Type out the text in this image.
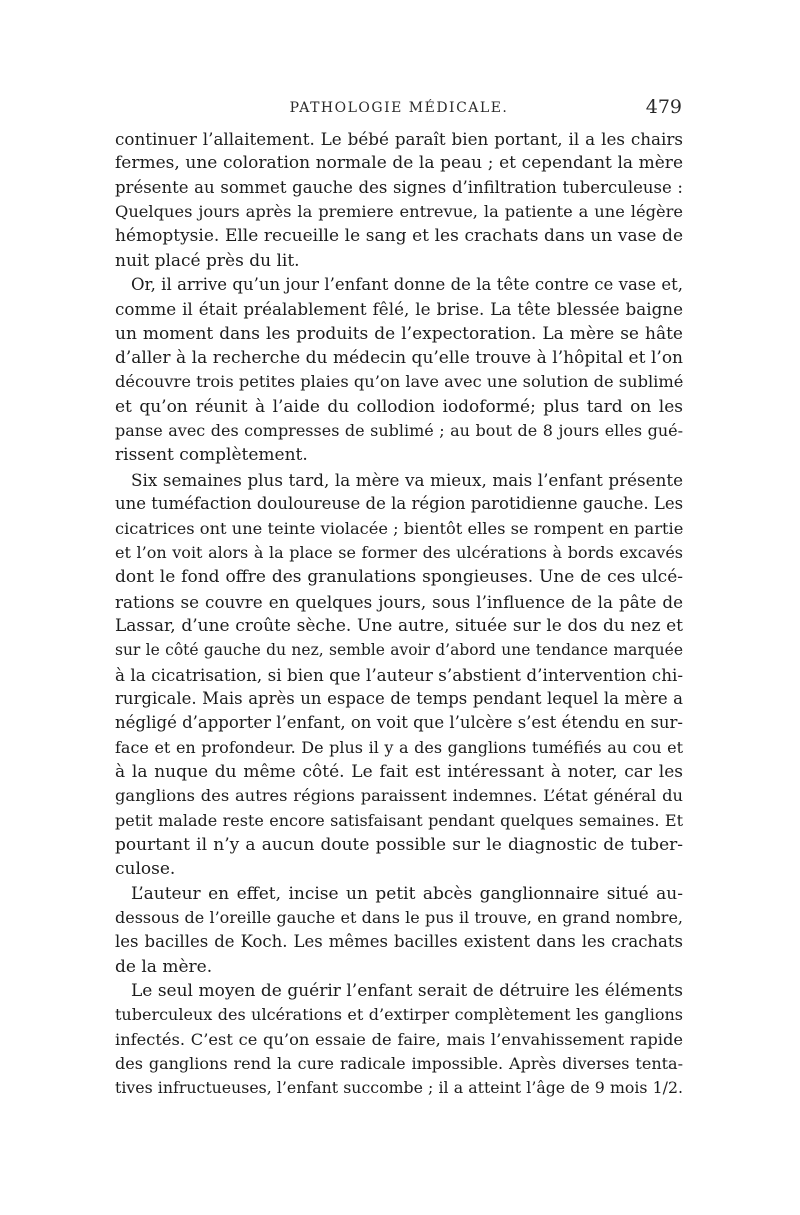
PATHOLOGIE MÉDICALE.	479
continuer l’allaitement. Le bébé paraît bien portant, il a les chairs
fermes, une coloration normale de la peau ; et cependant la mère
présente au sommet gauche des signes d’infiltration tuberculeuse :
Quelques jours après la premiere entrevue, la patiente a une légère
hémoptysie. Elle recueille le sang et les crachats dans un vase de
nuit placé près du lit.
Or, il arrive qu’un jour l’enfant donne de la tête contre ce vase et,
comme il était préalablement fêlé, le brise. La tête blessée baigne
un moment dans les produits de l’expectoration. La mère se hâte
d’aller à la recherche du médecin qu’elle trouve à l’hôpital et l’on
découvre trois petites plaies qu’on lave avec une solution de sublimé
et qu’on réunit à l’aide du collodion iodoformé; plus tard on les
panse avec des compresses de sublimé ; au bout de 8 jours elles gué-
rissent complètement.
Six semaines plus tard, la mère va mieux, mais l’enfant présente
une tuméfaction douloureuse de la région parotidienne gauche. Les
cicatrices ont une teinte violacée ; bientôt elles se rompent en partie
et l’on voit alors à la place se former des ulcérations à bords excavés
dont le fond offre des granulations spongieuses. Une de ces ulcé-
rations se couvre en quelques jours, sous l’influence de la pâte de
Lassar, d’une croûte sèche. Une autre, située sur le dos du nez et
sur le côté gauche du nez, semble avoir d’abord une tendance marquée
à la cicatrisation, si bien que l’auteur s’abstient d’intervention chi-
rurgicale. Mais après un espace de temps pendant lequel la mère a
négligé d’apporter l’enfant, on voit que l’ulcère s’est étendu en sur-
face et en profondeur. De plus il y a des ganglions tuméfiés au cou et
à la nuque du même côté. Le fait est intéressant à noter, car les
ganglions des autres régions paraissent indemnes. L’état général du
petit malade reste encore satisfaisant pendant quelques semaines. Et
pourtant il n’y a aucun doute possible sur le diagnostic de tuber-
culose.
L’auteur en effet, incise un petit abcès ganglionnaire situé au-
dessous de l’oreille gauche et dans le pus il trouve, en grand nombre,
les bacilles de Koch. Les mêmes bacilles existent dans les crachats
de la mère.
Le seul moyen de guérir l’enfant serait de détruire les éléments
tuberculeux des ulcérations et d’extirper complètement les ganglions
infectés. C’est ce qu’on essaie de faire, mais l’envahissement rapide
des ganglions rend la cure radicale impossible. Après diverses tenta-
tives infructueuses, l’enfant succombe ; il a atteint l’âge de 9 mois 1/2.
